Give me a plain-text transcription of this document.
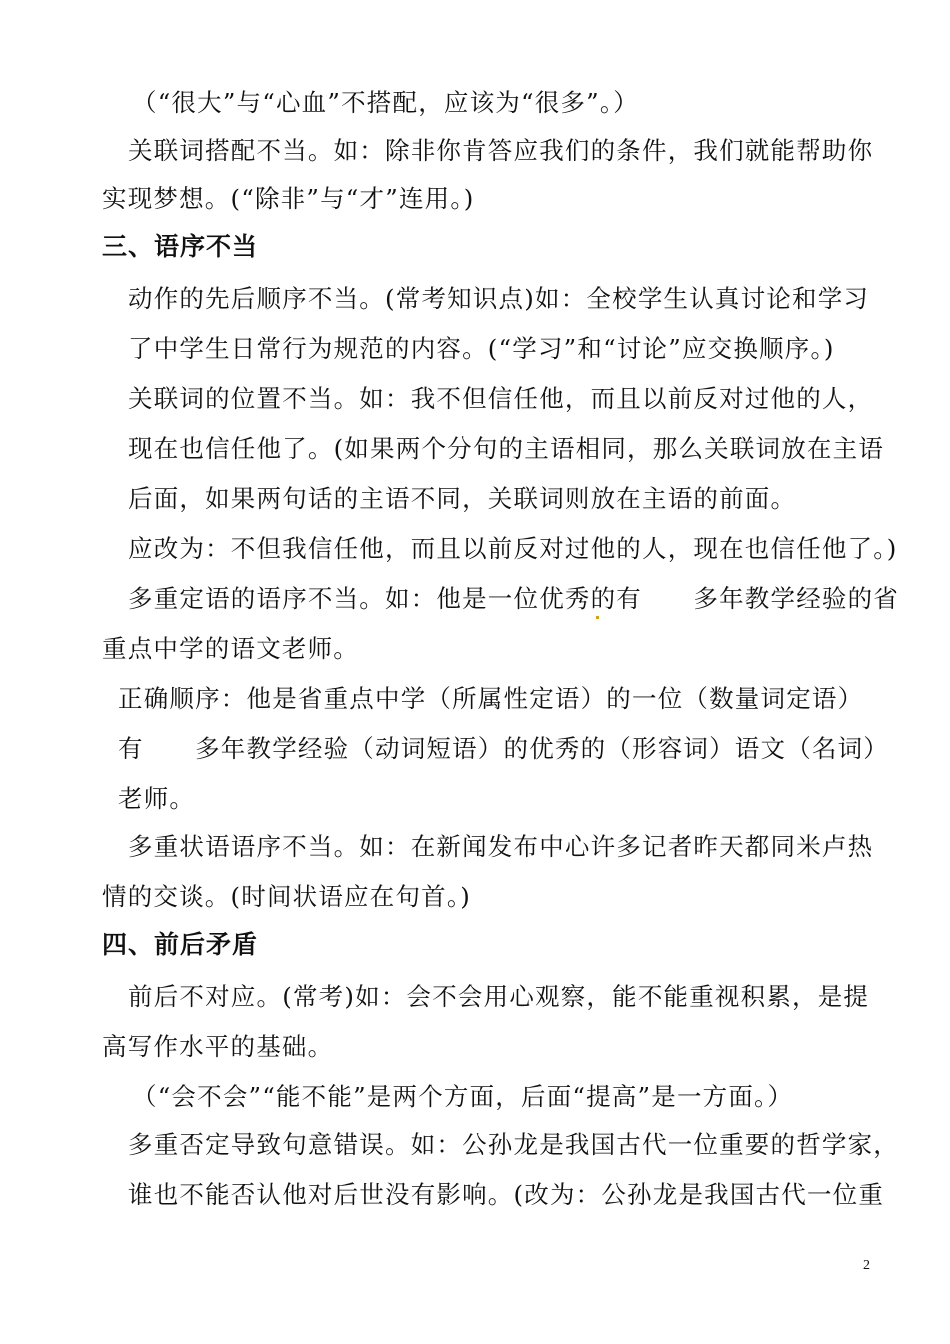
（“很大”与“心血”不搭配，应该为“很多”。）
关联词搭配不当。如：除非你肯答应我们的条件，我们就能帮助你
实现梦想。(“除非”与“才”连用。)
三、语序不当
动作的先后顺序不当。(常考知识点)如：全校学生认真讨论和学习
了中学生日常行为规范的内容。(“学习”和“讨论”应交换顺序。)
关联词的位置不当。如：我不但信任他，而且以前反对过他的人，
现在也信任他了。(如果两个分句的主语相同，那么关联词放在主语
后面，如果两句话的主语不同，关联词则放在主语的前面。
应改为：不但我信任他，而且以前反对过他的人，现在也信任他了。)
多重定语的语序不当。如：他是一位优秀的有　　多年教学经验的省
重点中学的语文老师。
正确顺序：他是省重点中学（所属性定语）的一位（数量词定语）
有　　多年教学经验（动词短语）的优秀的（形容词）语文（名词）
老师。
多重状语语序不当。如：在新闻发布中心许多记者昨天都同米卢热
情的交谈。(时间状语应在句首。)
四、前后矛盾
前后不对应。(常考)如：会不会用心观察，能不能重视积累，是提
高写作水平的基础。
（“会不会”“能不能”是两个方面，后面“提高”是一方面。）
多重否定导致句意错误。如：公孙龙是我国古代一位重要的哲学家，
谁也不能否认他对后世没有影响。(改为：公孙龙是我国古代一位重
2
